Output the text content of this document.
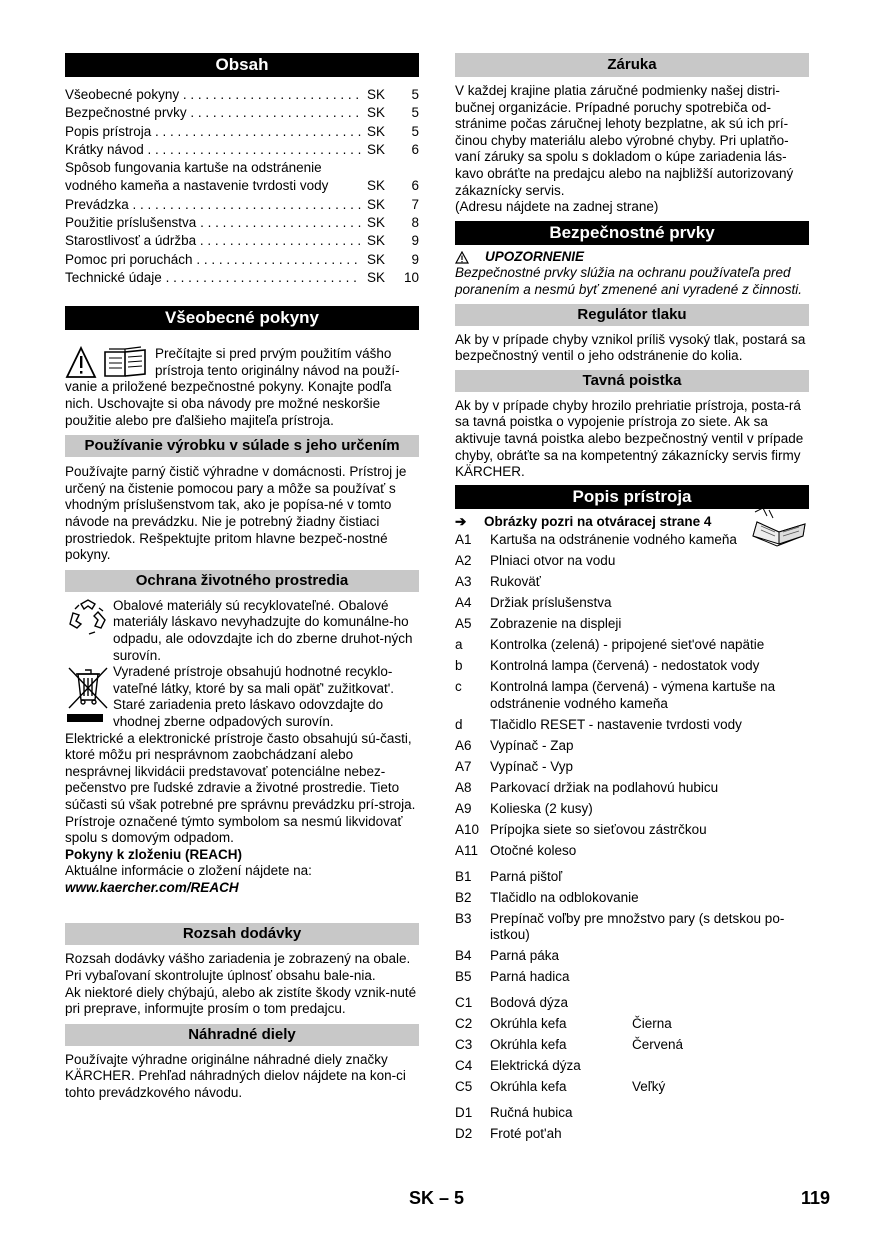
Obsah
Všeobecné pokyny . . .	SK	5
Bezpečnostné prvky . . .	SK	5
Popis prístroja . . .	SK	5
Krátky návod . . .	SK	6
Spôsob fungovania kartuše na odstránenie
vodného kameňa a nastavenie tvrdosti vody	SK	6
Prevádzka . . .	SK	7
Použitie príslušenstva . . .	SK	8
Starostlivosť a údržba . . .	SK	9
Pomoc pri poruchách . . .	SK	9
Technické údaje . . .	SK	10
Všeobecné pokyny

Prečítajte si pred prvým použitím vášho

prístroja tento originálny návod na použí-

vanie a priložené bezpečnostné pokyny. Konajte podľa nich. Uschovajte si oba návody pre možné neskoršie použitie alebo pre ďalšieho majiteľa prístroja.

Používanie výrobku v súlade s jeho určením

Používajte parný čistič výhradne v domácnosti. Prístroj je určený na čistenie pomocou pary a môže sa používať s vhodným príslušenstvom tak, ako je popísa-né v tomto návode na prevádzku. Nie je potrebný žiadny čistiaci prostriedok. Rešpektujte pritom hlavne bezpeč-nostné pokyny.

Ochrana životného prostredia

Obalové materiály sú recyklovateľné. Obalové materiály láskavo nevyhadzujte do komunálne-ho odpadu, ale odovzdajte ich do zberne druhot-ných surovín.

Vyradené prístroje obsahujú hodnotné recyklo-vateľné látky, ktoré by sa mali opäť' zužitkovat'. Staré zariadenia preto láskavo odovzdajte do vhodnej zberne odpadových surovín.

Elektrické a elektronické prístroje často obsahujú sú-časti, ktoré môžu pri nesprávnom zaobchádzaní alebo nesprávnej likvidácii predstavovať potenciálne nebez-pečenstvo pre ľudské zdravie a životné prostredie. Tieto súčasti sú však potrebné pre správnu prevádzku prí-stroja. Prístroje označené týmto symbolom sa nesmú likvidovať spolu s domovým odpadom.

Pokyny k zloženiu (REACH)

Aktuálne informácie o zložení nájdete na:

www.kaercher.com/REACH

Rozsah dodávky

Rozsah dodávky vášho zariadenia je zobrazený na obale. Pri vybaľovaní skontrolujte úplnosť obsahu bale-nia.

Ak niektoré diely chýbajú, alebo ak zistíte škody vznik-nuté pri preprave, informujte prosím o tom predajcu.

Náhradné diely

Používajte výhradne originálne náhradné diely značky KÄRCHER. Prehľad náhradných dielov nájdete na kon-ci tohto prevádzkového návodu.

Záruka

V každej krajine platia záručné podmienky našej distri-bučnej organizácie. Prípadné poruchy spotrebiča od-stránime počas záručnej lehoty bezplatne, ak sú ich prí-činou chyby materiálu alebo výrobné chyby. Pri uplatňo-vaní záruky sa spolu s dokladom o kúpe zariadenia lás-kavo obráťte na predajcu alebo na najbližší autorizovaný zákaznícky servis.

(Adresu nájdete na zadnej strane)

Bezpečnostné prvky

UPOZORNENIE

Bezpečnostné prvky slúžia na ochranu používateľa pred poranením a nesmú byť zmenené ani vyradené z činnosti.

Regulátor tlaku

Ak by v prípade chyby vznikol príliš vysoký tlak, postará sa bezpečnostný ventil o jeho odstránenie do kolia.

Tavná poistka

Ak by v prípade chyby hrozilo prehriatie prístroja, posta-rá sa tavná poistka o vypojenie prístroja zo siete. Ak sa aktivuje tavná poistka alebo bezpečnostný ventil v prípade chyby, obráťte sa na kompetentný zákaznícky servis firmy KÄRCHER.

Popis prístroja
➔	Obrázky pozri na otváracej strane 4
A1	Kartuša na odstránenie vodného kameňa
A2	Plniaci otvor na vodu
A3	Rukoväť
A4	Držiak príslušenstva
A5	Zobrazenie na displeji
a	Kontrolka (zelená) - pripojené siet'ové napätie
b	Kontrolná lampa (červená) - nedostatok vody
c	Kontrolná lampa (červená) - výmena kartuše na odstránenie vodného kameňa
d	Tlačidlo RESET - nastavenie tvrdosti vody
A6	Vypínač - Zap
A7	Vypínač - Vyp
A8	Parkovací držiak na podlahovú hubicu
A9	Kolieska (2 kusy)
A10 Prípojka siete so sieťovou zástrčkou
A11 Otočné koleso
B1	Parná pištoľ
B2	Tlačidlo na odblokovanie
B3	Prepínač voľby pre množstvo pary (s detskou po-istkou)
B4	Parná páka
B5	Parná hadica
C1	Bodová dýza
C2	Okrúhla kefa	Čierna
C3	Okrúhla kefa	Červená
C4	Elektrická dýza
C5	Okrúhla kefa	Veľký
D1	Ručná hubica
D2	Froté pot'ah
SK – 5	119
